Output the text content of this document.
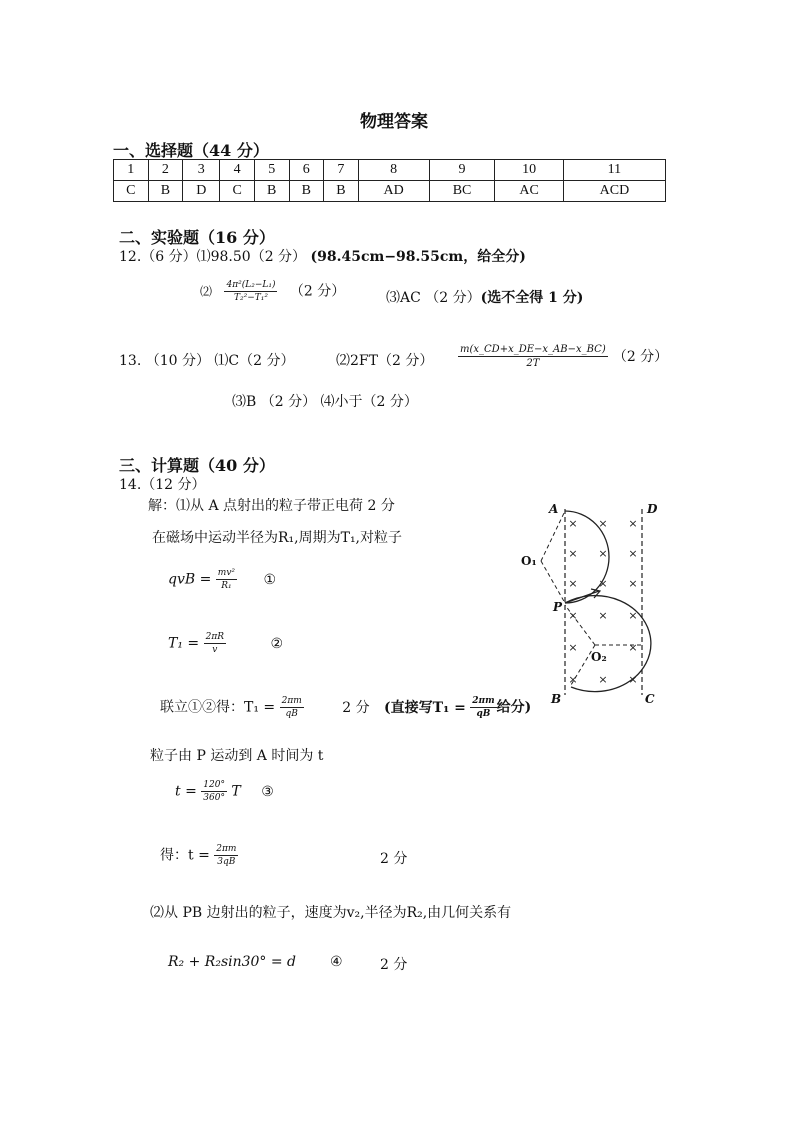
物理答案
一、选择题（44 分）
1	2	3	4	5	6	7	8	9	10	11
C	B	D	C	B	B	B	AD	BC	AC	ACD
二、实验题（16 分）
12.（6 分）⑴98.50（2 分） (98.45cm−98.55cm，给全分)
⑵ $\frac{\text{4π²(L₂−L₁)}}{\text{T₂²−T₁²}} (2$ 分）	⑶AC （2 分）(选不全得 1 分)
13. （10 分） ⑴C（2 分）	⑵2FT（2 分） $\frac{m(x\_CD+x\_DE-x\_AB-x\_BC)}{2T} (2$ 分）
⑶B （2 分） ⑷小于（2 分）
三、计算题（40 分）
14.（12 分）
解：⑴从 A 点射出的粒子带正电荷 2 分
在磁场中运动半径为R₁,周期为T₁,对粒子
qvB = $\frac{\text{mv²}}{\text{R₁}}$ ①
$T_1 = \frac{2\pi R}{v}$	②
联立①②得：$T_1 = \frac{2\pi m}{qB}$	2 分 (直接写$T_1 = \frac{2\pi m}{qB}$ 给分)
粒子由 P 运动到 A 时间为 t
$t = \frac{120^\circ}{360^\circ}$ T ③
得：$t = \frac{2\pi m}{3qB}$	2 分
⑵从 PB 边射出的粒子，速度为v₂,半径为R₂,由几何关系有
R₂ + R₂sin30° = d ④	2 分
× × ×
× × ×
× × ×
× × ×
×	×
× × ×
A	D
O₁
P
O₂
B	C
